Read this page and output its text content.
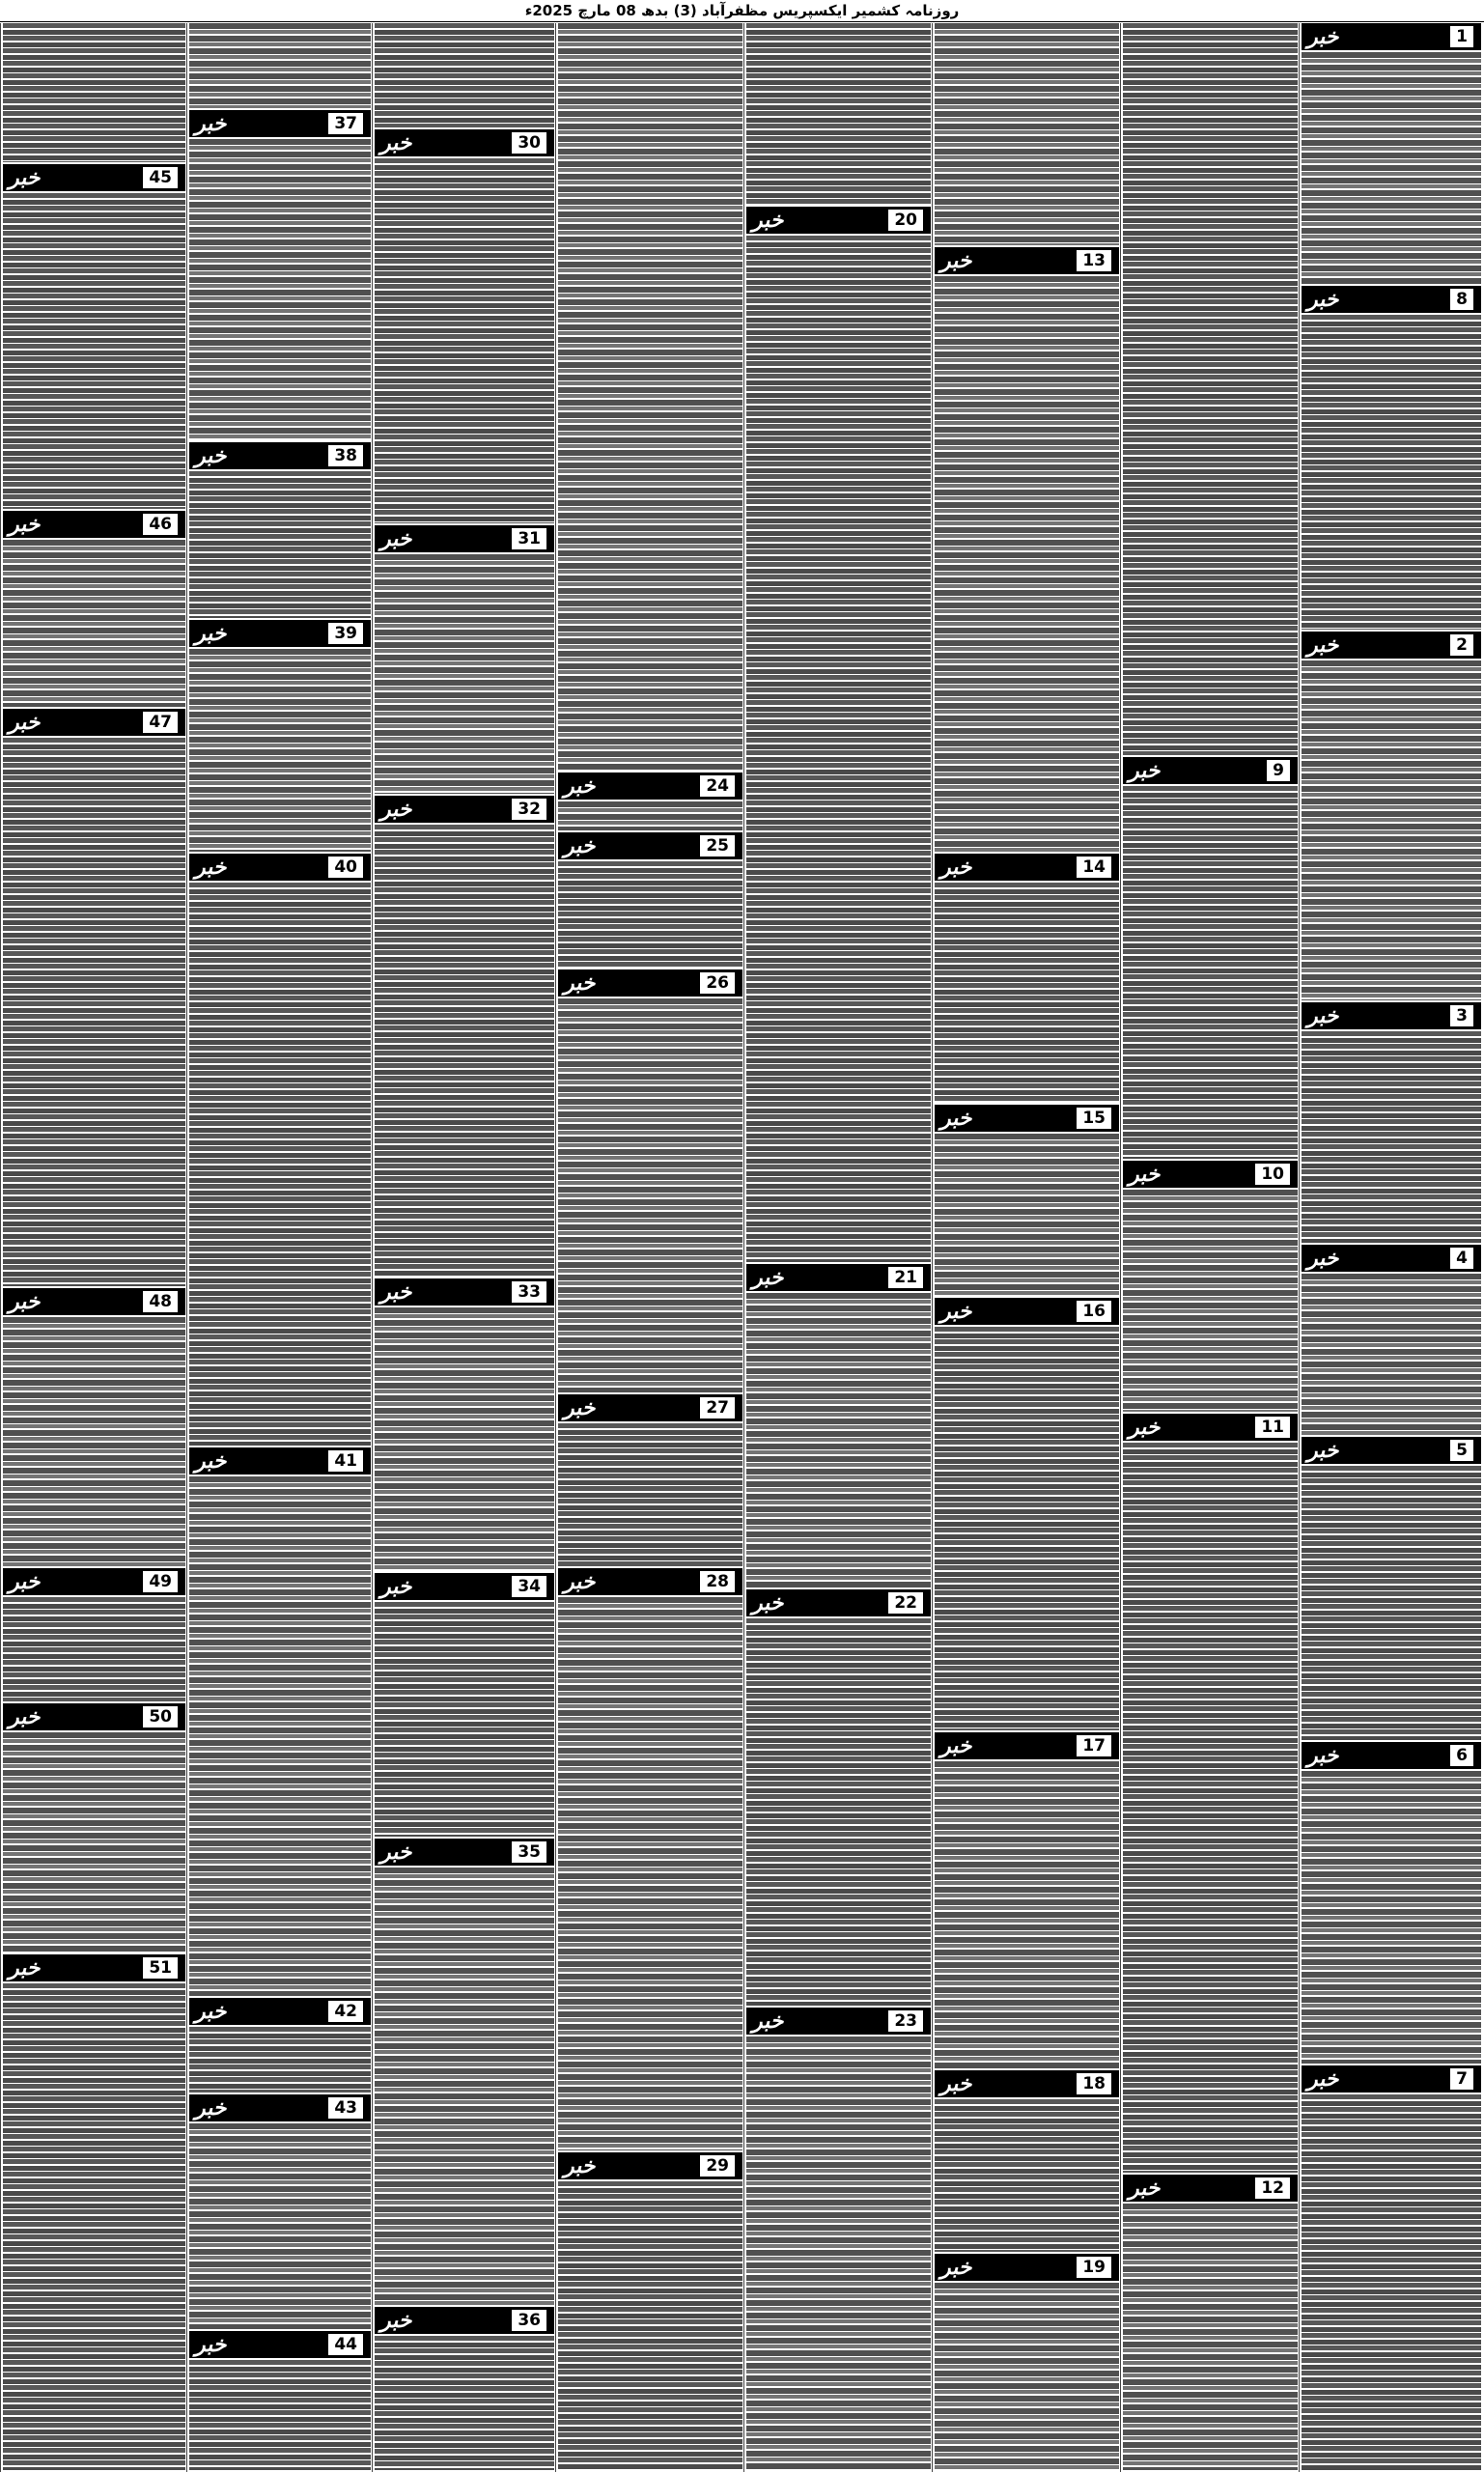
روزنامہ کشمیر ایکسپریس مظفرآباد (3) بدھ 08 مارچ 2025ء
1
خبر
8
خبر
2
خبر
3
خبر
4
خبر
5
خبر
6
خبر
7
خبر
9
خبر
10
خبر
11
خبر
12
خبر
13
خبر
14
خبر
15
خبر
16
خبر
17
خبر
18
خبر
19
خبر
20
خبر
21
خبر
22
خبر
23
خبر
24
خبر
25
خبر
26
خبر
27
خبر
28
خبر
29
خبر
30
خبر
31
خبر
32
خبر
33
خبر
34
خبر
35
خبر
36
خبر
37
خبر
38
خبر
39
خبر
40
خبر
41
خبر
42
خبر
43
خبر
44
خبر
45
خبر
46
خبر
47
خبر
48
خبر
49
خبر
50
خبر
51
خبر
